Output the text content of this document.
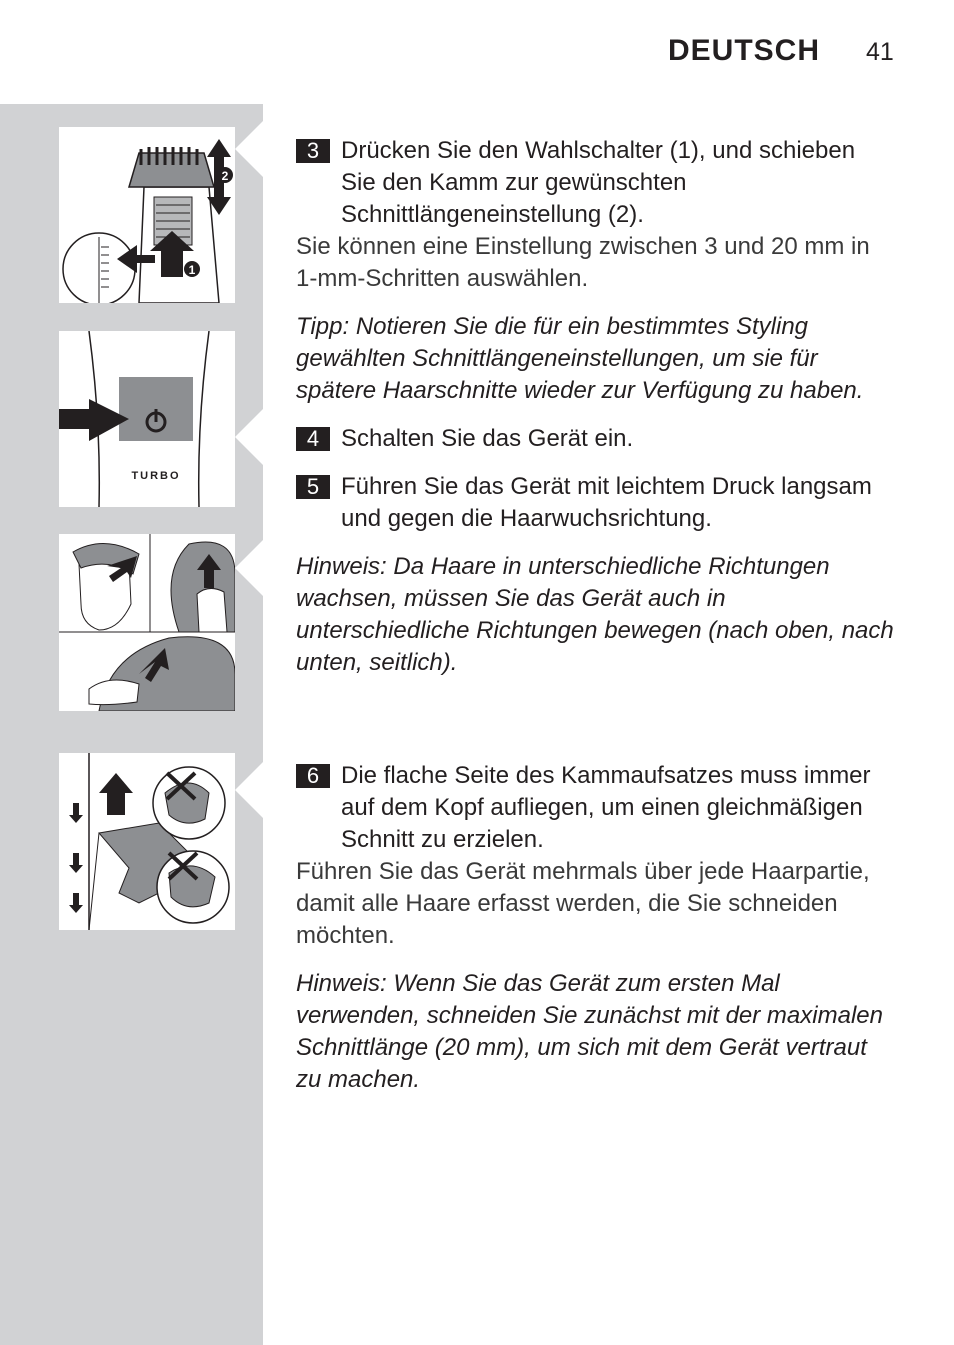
DEUTSCH 41
2
1
TURBO
3 Drücken Sie den Wahlschalter (1), und schieben Sie den Kamm zur gewünschten Schnittlängeneinstellung (2).
Sie können eine Einstellung zwischen 3 und 20 mm in 1-mm-Schritten auswählen.
Tipp: Notieren Sie die für ein bestimmtes Styling gewählten Schnittlängeneinstellungen, um sie für spätere Haarschnitte wieder zur Verfügung zu haben.
4 Schalten Sie das Gerät ein.
5 Führen Sie das Gerät mit leichtem Druck langsam und gegen die Haarwuchsrichtung.
Hinweis: Da Haare in unterschiedliche Richtungen wachsen, müssen Sie das Gerät auch in unterschiedliche Richtungen bewegen (nach oben, nach unten, seitlich).
6 Die flache Seite des Kammaufsatzes muss immer auf dem Kopf aufliegen, um einen gleichmäßigen Schnitt zu erzielen.
Führen Sie das Gerät mehrmals über jede Haarpartie, damit alle Haare erfasst werden, die Sie schneiden möchten.
Hinweis: Wenn Sie das Gerät zum ersten Mal verwenden, schneiden Sie zunächst mit der maximalen Schnittlänge (20 mm), um sich mit dem Gerät vertraut zu machen.
